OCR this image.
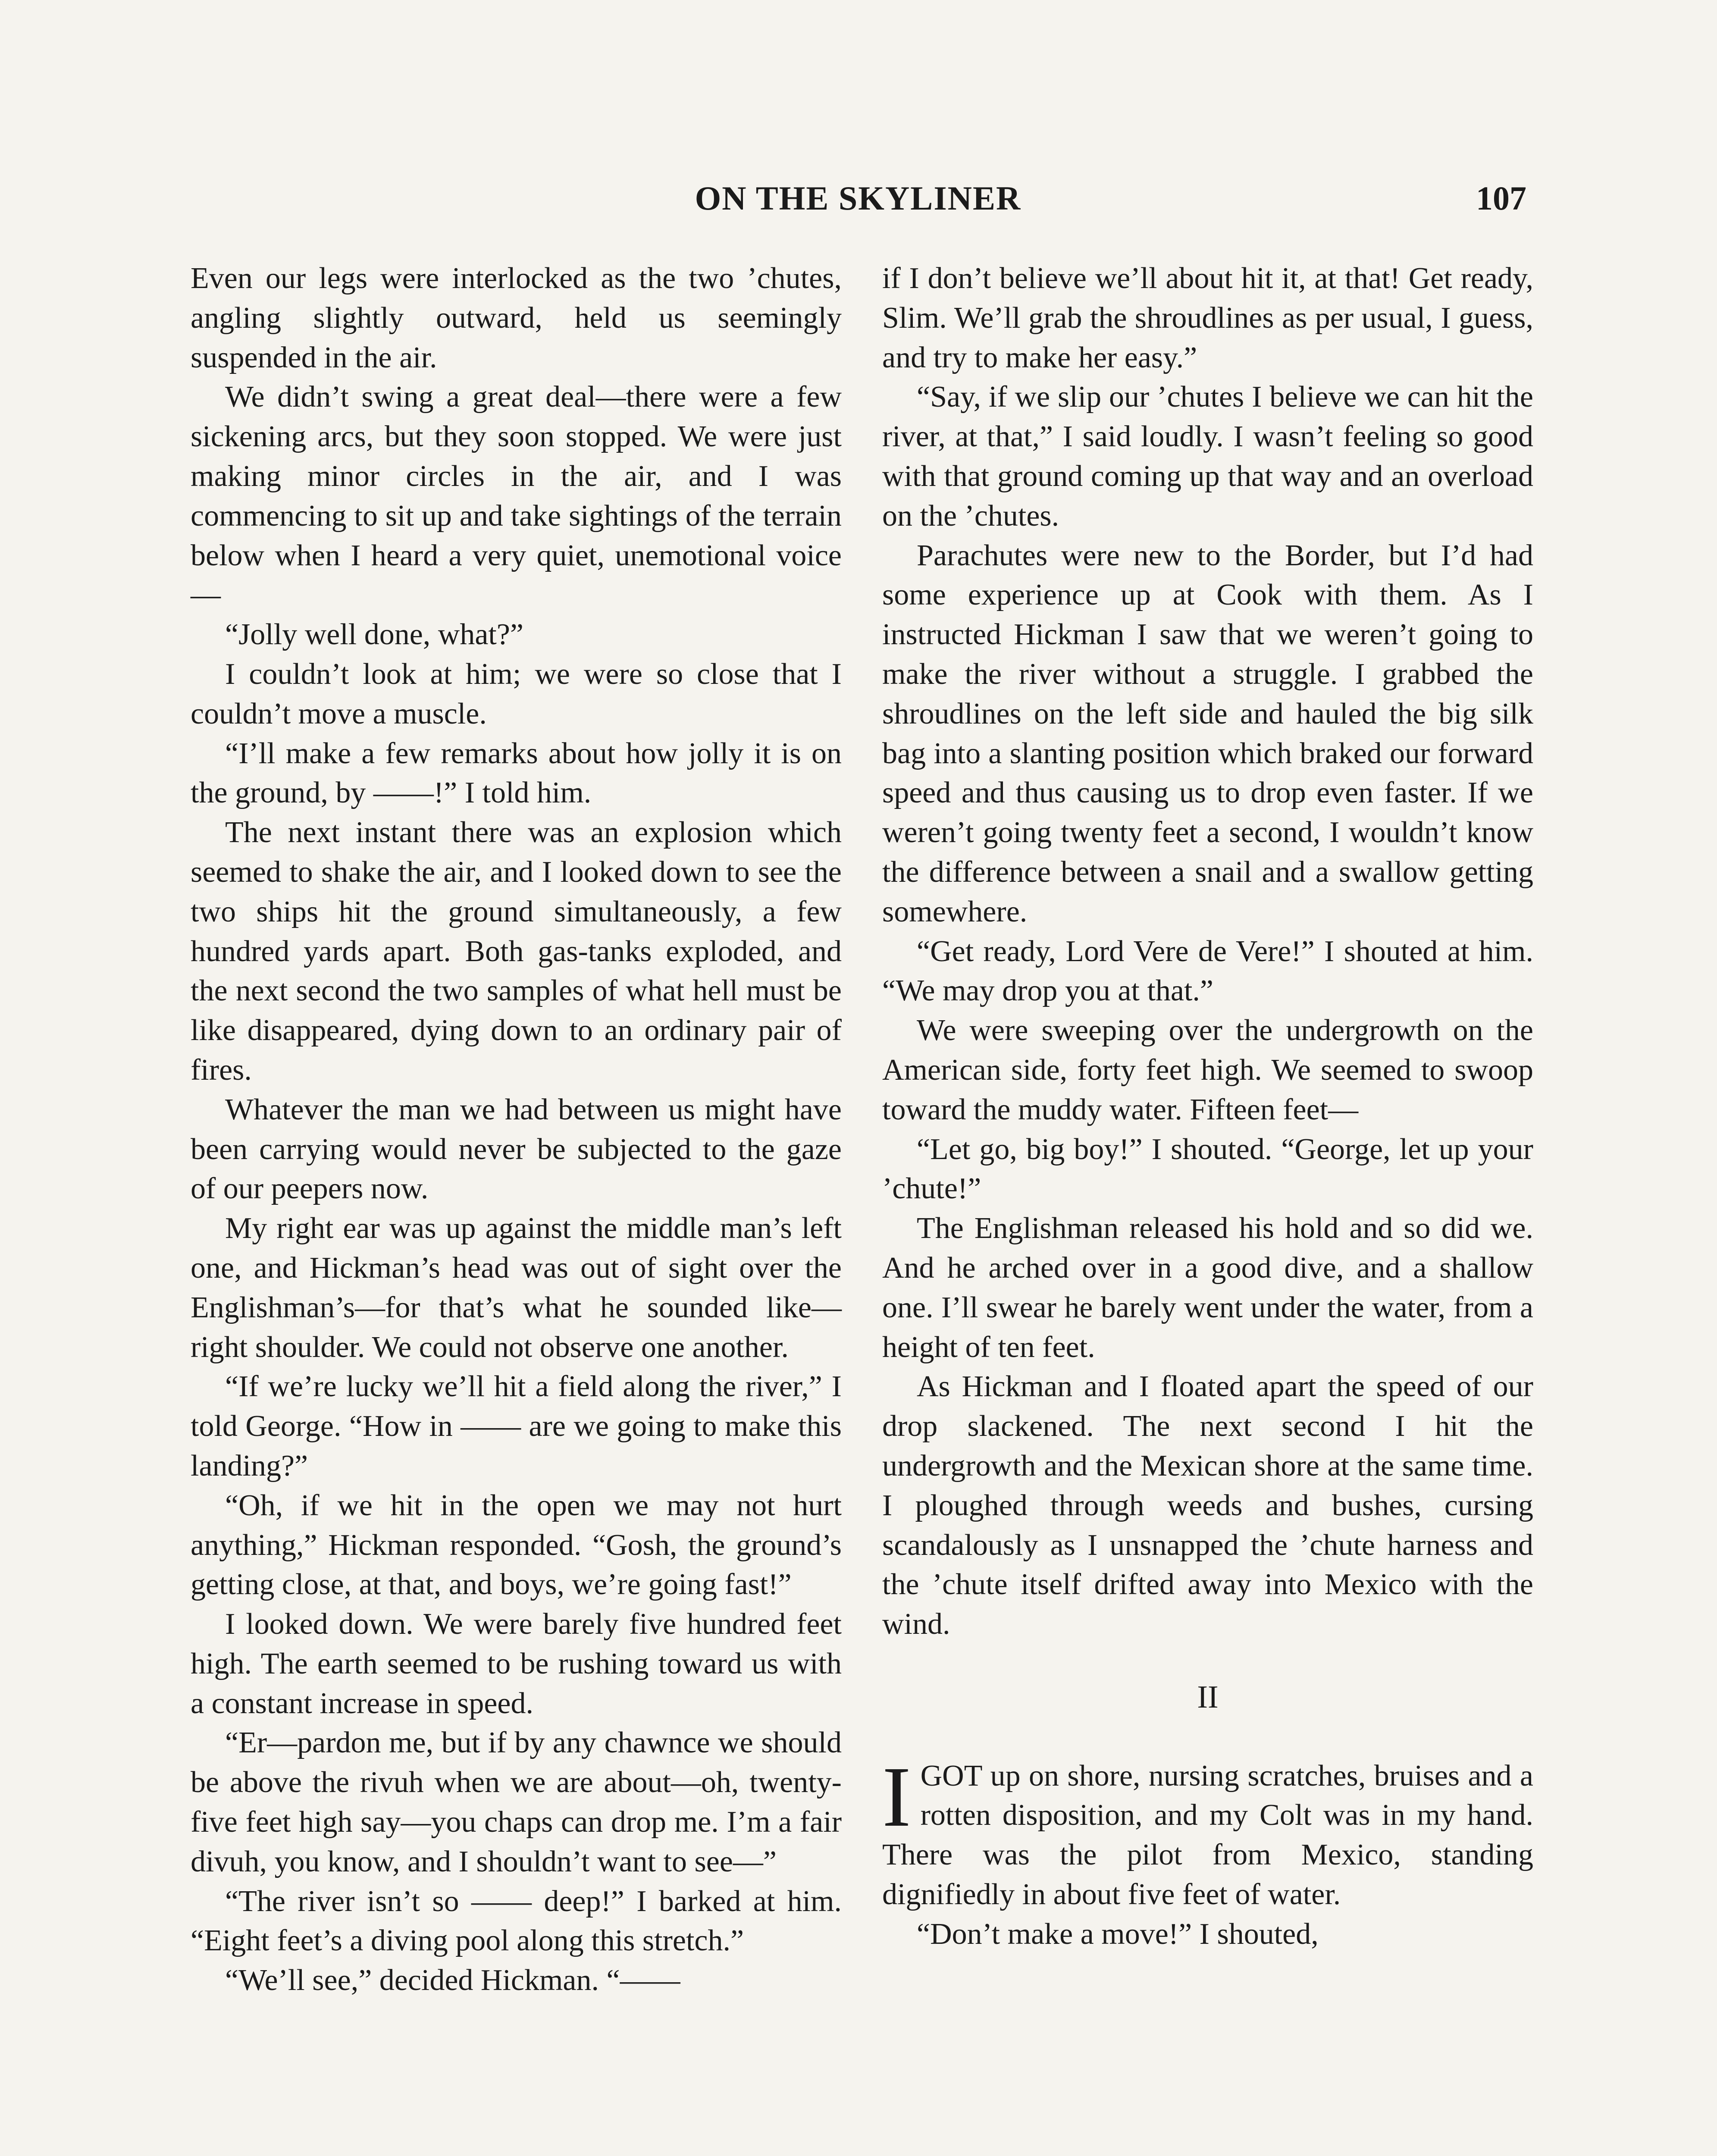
ON THE SKYLINER	107

Even our legs were interlocked as the two ’chutes, angling slightly outward, held us seemingly suspended in the air.

We didn’t swing a great deal—there were a few sickening arcs, but they soon stopped. We were just making minor circles in the air, and I was commencing to sit up and take sightings of the terrain below when I heard a very quiet, unemotional voice—

“Jolly well done, what?”

I couldn’t look at him; we were so close that I couldn’t move a muscle.

“I’ll make a few remarks about how jolly it is on the ground, by ——!” I told him.

The next instant there was an explosion which seemed to shake the air, and I looked down to see the two ships hit the ground simultaneously, a few hundred yards apart. Both gas-tanks exploded, and the next second the two samples of what hell must be like disappeared, dying down to an ordinary pair of fires.

Whatever the man we had between us might have been carrying would never be subjected to the gaze of our peepers now.

My right ear was up against the middle man’s left one, and Hickman’s head was out of sight over the Englishman’s—for that’s what he sounded like—right shoulder. We could not observe one another.

“If we’re lucky we’ll hit a field along the river,” I told George. “How in —— are we going to make this landing?”

“Oh, if we hit in the open we may not hurt anything,” Hickman responded. “Gosh, the ground’s getting close, at that, and boys, we’re going fast!”

I looked down. We were barely five hundred feet high. The earth seemed to be rushing toward us with a constant increase in speed.

“Er—pardon me, but if by any chawnce we should be above the rivuh when we are about—oh, twenty-five feet high say—you chaps can drop me. I’m a fair divuh, you know, and I shouldn’t want to see—”

“The river isn’t so —— deep!” I barked at him. “Eight feet’s a diving pool along this stretch.”

“We’ll see,” decided Hickman. “——

if I don’t believe we’ll about hit it, at that! Get ready, Slim. We’ll grab the shroudlines as per usual, I guess, and try to make her easy.”

“Say, if we slip our ’chutes I believe we can hit the river, at that,” I said loudly. I wasn’t feeling so good with that ground coming up that way and an overload on the ’chutes.

Parachutes were new to the Border, but I’d had some experience up at Cook with them. As I instructed Hickman I saw that we weren’t going to make the river without a struggle. I grabbed the shroudlines on the left side and hauled the big silk bag into a slanting position which braked our forward speed and thus causing us to drop even faster. If we weren’t going twenty feet a second, I wouldn’t know the difference between a snail and a swallow getting somewhere.

“Get ready, Lord Vere de Vere!” I shouted at him. “We may drop you at that.”

We were sweeping over the undergrowth on the American side, forty feet high. We seemed to swoop toward the muddy water. Fifteen feet—

“Let go, big boy!” I shouted. “George, let up your ’chute!”

The Englishman released his hold and so did we. And he arched over in a good dive, and a shallow one. I’ll swear he barely went under the water, from a height of ten feet.

As Hickman and I floated apart the speed of our drop slackened. The next second I hit the undergrowth and the Mexican shore at the same time. I ploughed through weeds and bushes, cursing scandalously as I unsnapped the ’chute harness and the ’chute itself drifted away into Mexico with the wind.

II

I GOT up on shore, nursing scratches, bruises and a rotten disposition, and my Colt was in my hand. There was the pilot from Mexico, standing dignifiedly in about five feet of water.

“Don’t make a move!” I shouted,
